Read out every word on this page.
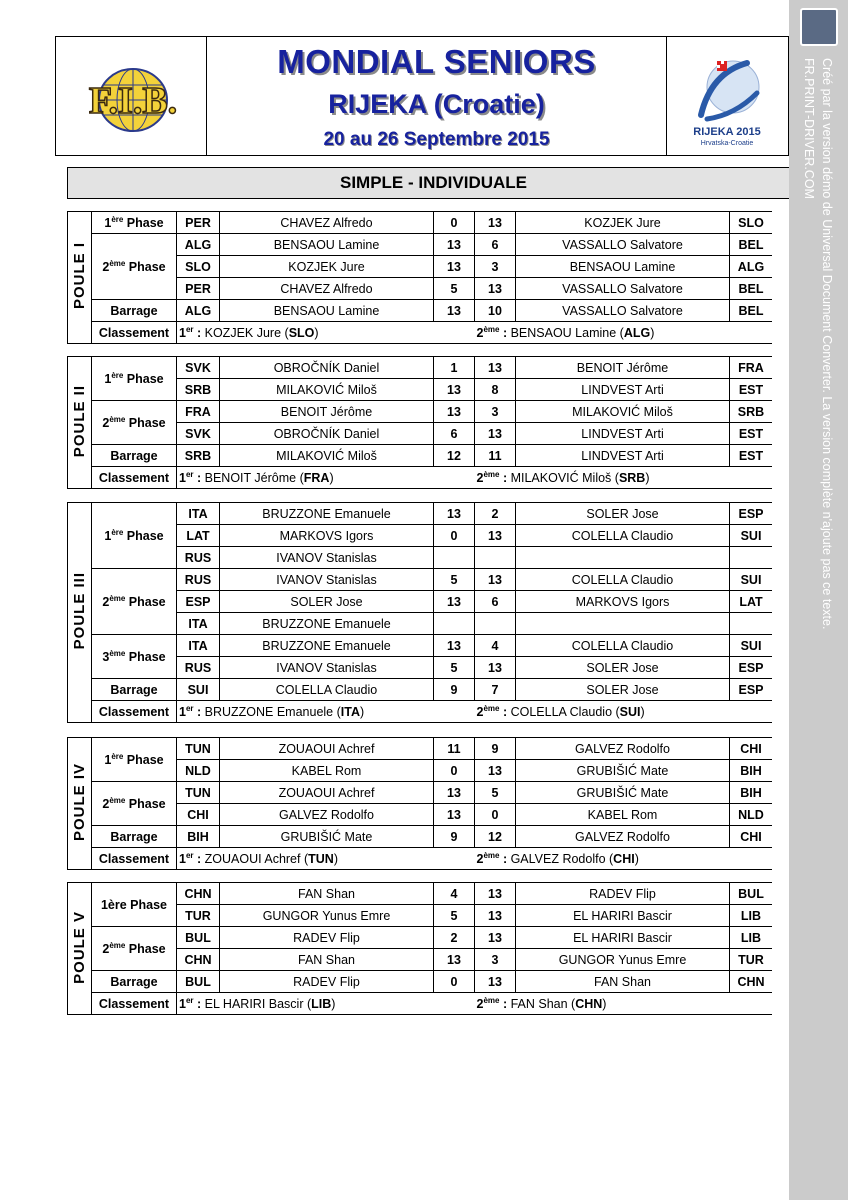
F.I.B.
MONDIAL SENIORS
RIJEKA (Croatie)
20 au 26 Septembre 2015	RIJEKA 2015
Hrvatska-Croatie
SIMPLE - INDIVIDUALE
POULE I	1ère Phase	PER	CHAVEZ Alfredo	0	13	KOZJEK Jure	SLO
	2ème Phase	ALG	BENSAOU Lamine	13	6	VASSALLO Salvatore	BEL
		SLO	KOZJEK Jure	13	3	BENSAOU Lamine	ALG
		PER	CHAVEZ Alfredo	5	13	VASSALLO Salvatore	BEL
	Barrage	ALG	BENSAOU Lamine	13	10	VASSALLO Salvatore	BEL
	Classement	1er : KOZJEK Jure (SLO)			2ème : BENSAOU Lamine (ALG)		
POULE II	1ère Phase	SVK	OBROČNÍK Daniel	1	13	BENOIT Jérôme	FRA
		SRB	MILAKOVIĆ Miloš	13	8	LINDVEST Arti	EST
	2ème Phase	FRA	BENOIT Jérôme	13	3	MILAKOVIĆ Miloš	SRB
		SVK	OBROČNÍK Daniel	6	13	LINDVEST Arti	EST
	Barrage	SRB	MILAKOVIĆ Miloš	12	11	LINDVEST Arti	EST
	Classement	1er : BENOIT Jérôme (FRA)			2ème : MILAKOVIĆ Miloš (SRB)		
POULE III	1ère Phase	ITA	BRUZZONE Emanuele	13	2	SOLER Jose	ESP
		LAT	MARKOVS Igors	0	13	COLELLA Claudio	SUI
		RUS	IVANOV Stanislas				
	2ème Phase	RUS	IVANOV Stanislas	5	13	COLELLA Claudio	SUI
		ESP	SOLER Jose	13	6	MARKOVS Igors	LAT
		ITA	BRUZZONE Emanuele				
	3ème Phase	ITA	BRUZZONE Emanuele	13	4	COLELLA Claudio	SUI
		RUS	IVANOV Stanislas	5	13	SOLER Jose	ESP
	Barrage	SUI	COLELLA Claudio	9	7	SOLER Jose	ESP
	Classement	1er : BRUZZONE Emanuele (ITA)			2ème : COLELLA Claudio (SUI)		
POULE IV	1ère Phase	TUN	ZOUAOUI Achref	11	9	GALVEZ Rodolfo	CHI
		NLD	KABEL Rom	0	13	GRUBIŠIĆ Mate	BIH
	2ème Phase	TUN	ZOUAOUI Achref	13	5	GRUBIŠIĆ Mate	BIH
		CHI	GALVEZ Rodolfo	13	0	KABEL Rom	NLD
	Barrage	BIH	GRUBIŠIĆ Mate	9	12	GALVEZ Rodolfo	CHI
	Classement	1er : ZOUAOUI Achref (TUN)			2ème : GALVEZ Rodolfo (CHI)		
POULE V	1ère Phase	CHN	FAN Shan	4	13	RADEV Flip	BUL
		TUR	GUNGOR Yunus Emre	5	13	EL HARIRI Bascir	LIB
	2ème Phase	BUL	RADEV Flip	2	13	EL HARIRI Bascir	LIB
		CHN	FAN Shan	13	3	GUNGOR Yunus Emre	TUR
	Barrage	BUL	RADEV Flip	0	13	FAN Shan	CHN
	Classement	1er : EL HARIRI Bascir (LIB)			2ème : FAN Shan (CHN)		
Créé par la version démo de Universal Document Converter. La version complète n'ajoute pas ce texte.
FR.PRINT-DRIVER.COM
